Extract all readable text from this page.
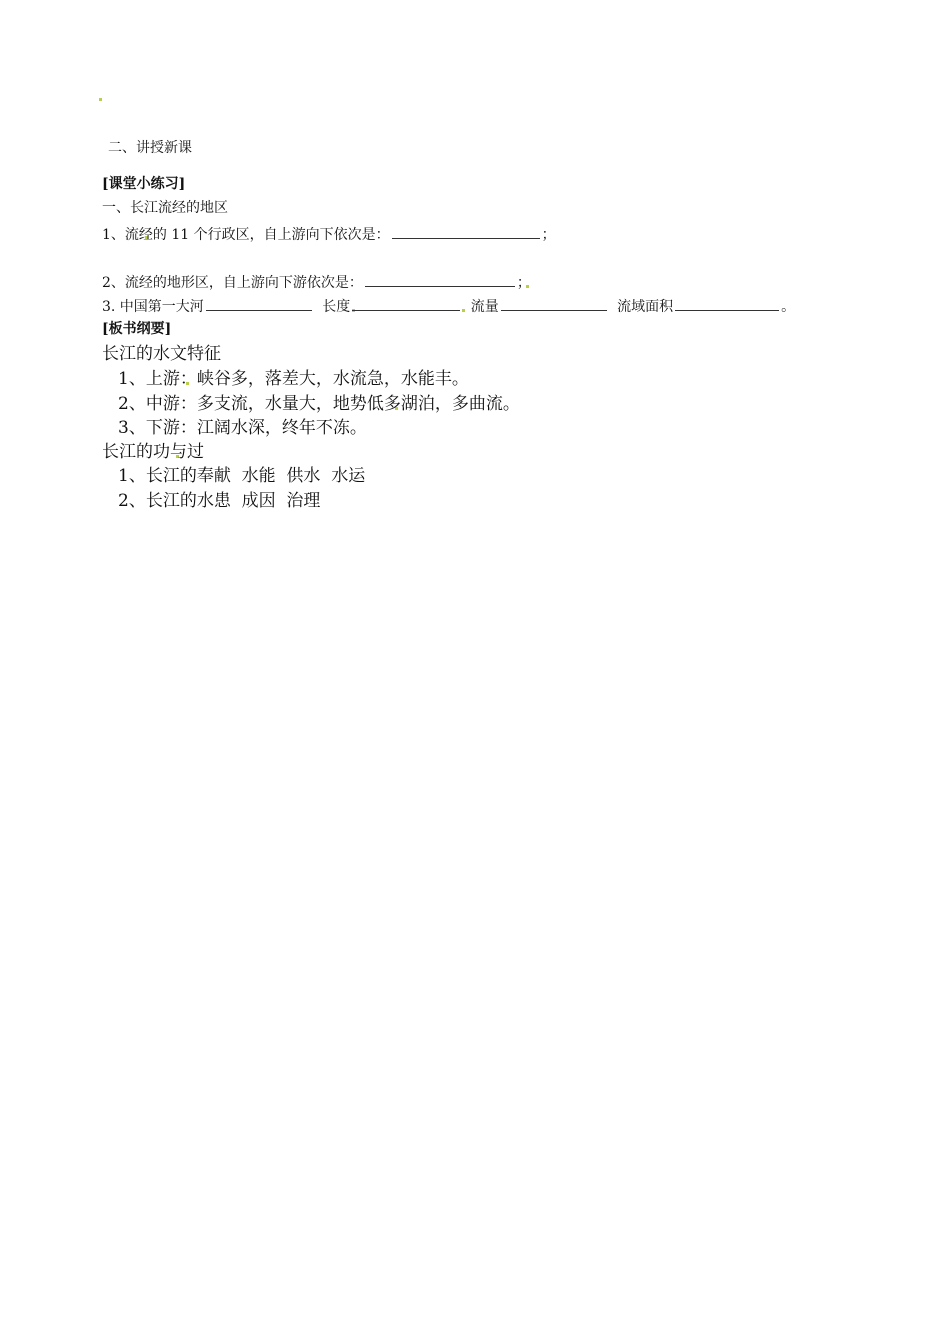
二、讲授新课
[课堂小练习]
一、长江流经的地区
1、流经的 11 个行政区，自上游向下依次是：	；
2、流经的地形区，自上游向下游依次是：	；
3. 中国第一大河	长度	流量	流域面积	。
[板书纲要]
长江的水文特征
1、上游：峡谷多，落差大，水流急，水能丰。
2、中游：多支流，水量大，地势低多湖泊，多曲流。
3、下游：江阔水深，终年不冻。
长江的功与过
1、长江的奉献  水能  供水  水运
2、长江的水患  成因  治理
